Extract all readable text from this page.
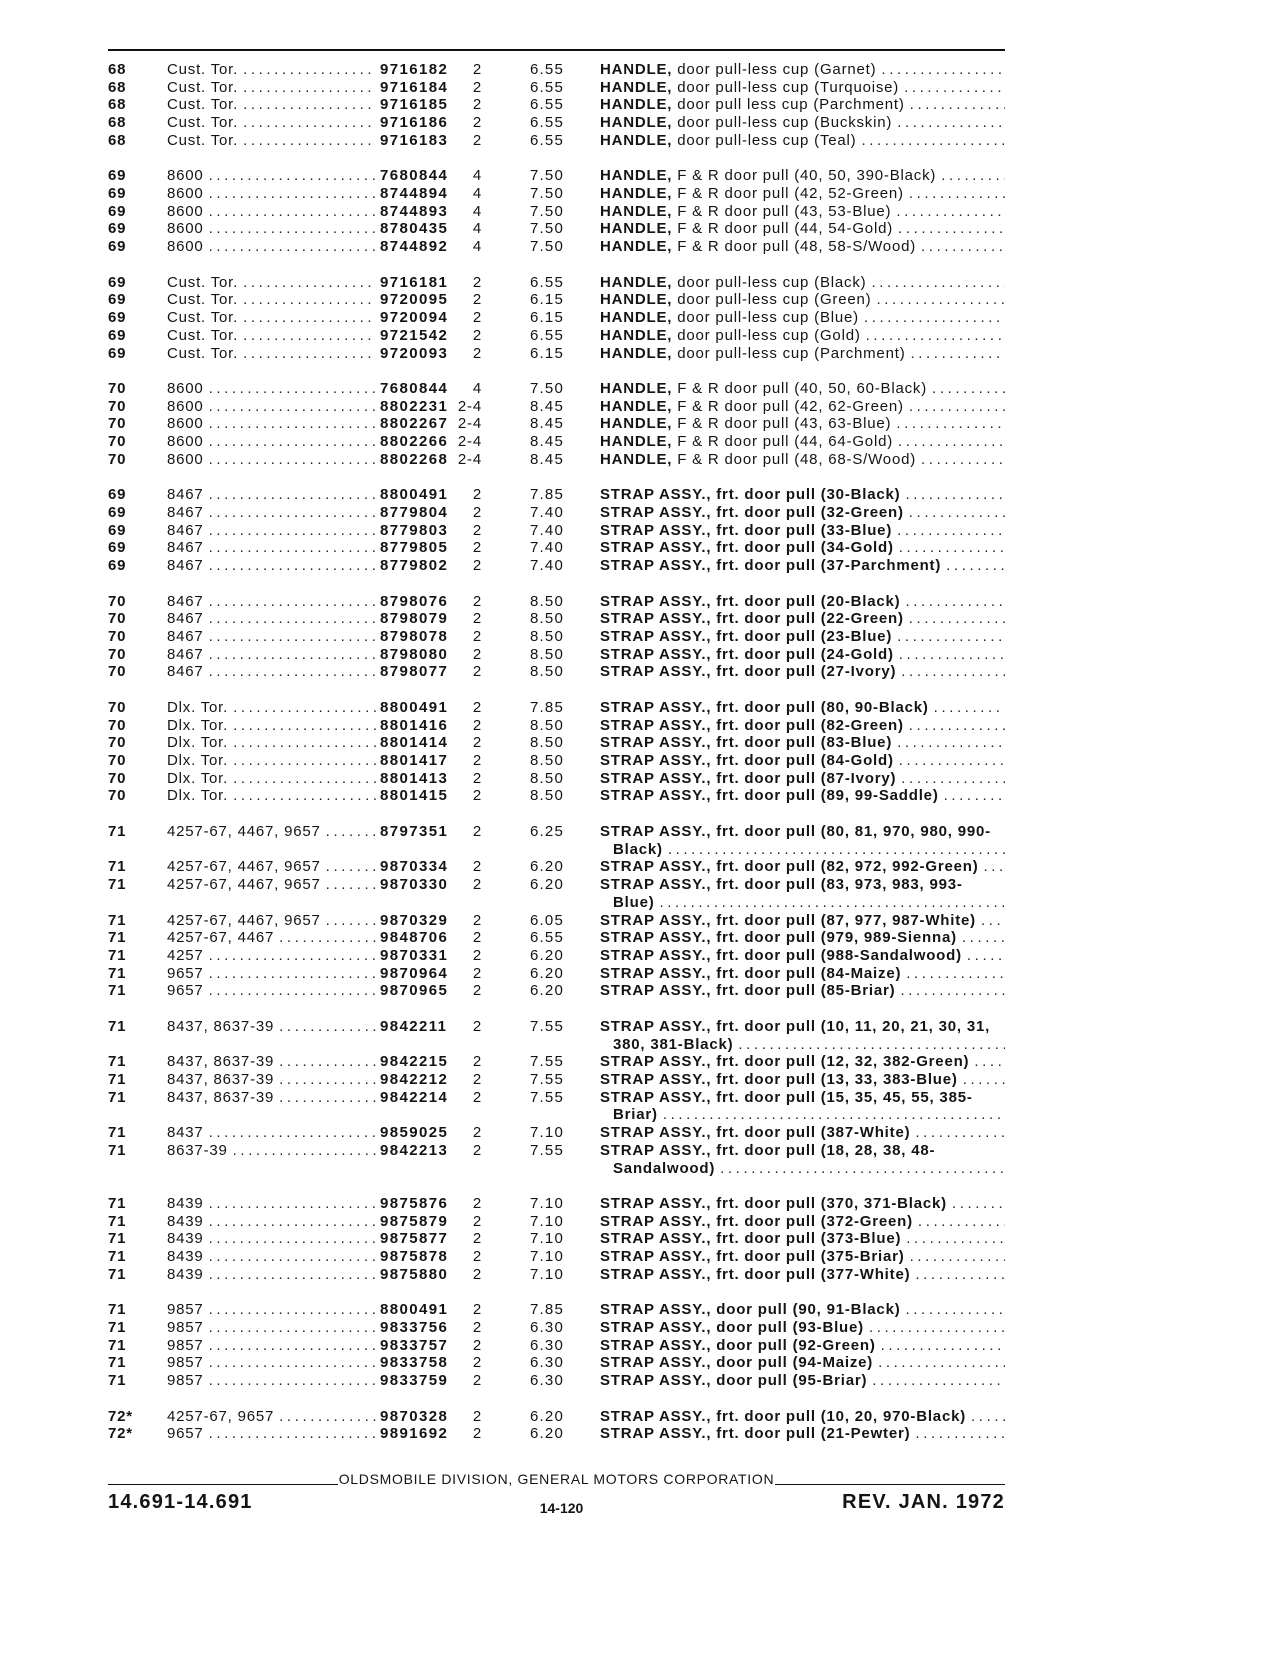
68	Cust. Tor. .....	9716182	2	6.55	HANDLE, door pull-less cup (Garnet)
.....
68	Cust. Tor. .....	9716184	2	6.55	HANDLE, door pull-less cup (Turquoise)
.....
68	Cust. Tor. .....	9716185	2	6.55	HANDLE, door pull less cup (Parchment)
.....
68	Cust. Tor. .....	9716186	2	6.55	HANDLE, door pull-less cup (Buckskin)
.....
68	Cust. Tor. .....	9716183	2	6.55	HANDLE, door pull-less cup (Teal)
.....
69	8600 .....	7680844	4	7.50	HANDLE, F & R door pull (40, 50, 390-Black)
.....
69	8600 .....	8744894	4	7.50	HANDLE, F & R door pull (42, 52-Green)
.....
69	8600 .....	8744893	4	7.50	HANDLE, F & R door pull (43, 53-Blue)
.....
69	8600 .....	8780435	4	7.50	HANDLE, F & R door pull (44, 54-Gold)
.....
69	8600 .....	8744892	4	7.50	HANDLE, F & R door pull (48, 58-S/Wood)
.....
69	Cust. Tor. .....	9716181	2	6.55	HANDLE, door pull-less cup (Black)
.....
69	Cust. Tor. .....	9720095	2	6.15	HANDLE, door pull-less cup (Green)
.....
69	Cust. Tor. .....	9720094	2	6.15	HANDLE, door pull-less cup (Blue)
.....
69	Cust. Tor. .....	9721542	2	6.55	HANDLE, door pull-less cup (Gold)
.....
69	Cust. Tor. .....	9720093	2	6.15	HANDLE, door pull-less cup (Parchment)
.....
70	8600 .....	7680844	4	7.50	HANDLE, F & R door pull (40, 50, 60-Black)
.....
70	8600 .....	8802231 2-4	8.45	HANDLE, F & R door pull (42, 62-Green)
.....
70	8600 .....	8802267 2-4	8.45	HANDLE, F & R door pull (43, 63-Blue)
.....
70	8600 .....	8802266 2-4	8.45	HANDLE, F & R door pull (44, 64-Gold)
.....
70	8600 .....	8802268 2-4	8.45	HANDLE, F & R door pull (48, 68-S/Wood)
.....
69	8467 .....	8800491	2	7.85	STRAP ASSY., frt. door pull (30-Black)
.....
69	8467 .....	8779804	2	7.40	STRAP ASSY., frt. door pull (32-Green)
.....
69	8467 .....	8779803	2	7.40	STRAP ASSY., frt. door pull (33-Blue)
.....
69	8467 .....	8779805	2	7.40	STRAP ASSY., frt. door pull (34-Gold)
.....
69	8467 .....	8779802	2	7.40	STRAP ASSY., frt. door pull (37-Parchment)
.....
70	8467 .....	8798076	2	8.50	STRAP ASSY., frt. door pull (20-Black)
.....
70	8467 .....	8798079	2	8.50	STRAP ASSY., frt. door pull (22-Green)
.....
70	8467 .....	8798078	2	8.50	STRAP ASSY., frt. door pull (23-Blue)
.....
70	8467 .....	8798080	2	8.50	STRAP ASSY., frt. door pull (24-Gold)
.....
70	8467 .....	8798077	2	8.50	STRAP ASSY., frt. door pull (27-Ivory)
.....
70	Dlx. Tor. .....	8800491	2	7.85	STRAP ASSY., frt. door pull (80, 90-Black)
.....
70	Dlx. Tor. .....	8801416	2	8.50	STRAP ASSY., frt. door pull (82-Green)
.....
70	Dlx. Tor. .....	8801414	2	8.50	STRAP ASSY., frt. door pull (83-Blue)
.....
70	Dlx. Tor. .....	8801417	2	8.50	STRAP ASSY., frt. door pull (84-Gold)
.....
70	Dlx. Tor. .....	8801413	2	8.50	STRAP ASSY., frt. door pull (87-Ivory)
.....
70	Dlx. Tor. .....	8801415	2	8.50	STRAP ASSY., frt. door pull (89, 99-Saddle)
.....
71	4257-67, 4467, 9657 .....	8797351	2	6.25	STRAP ASSY., frt. door pull (80, 81, 970, 980, 990-
Black)
.....
71	4257-67, 4467, 9657 .....	9870334	2	6.20	STRAP ASSY., frt. door pull (82, 972, 992-Green)
.....
71	4257-67, 4467, 9657 .....	9870330	2	6.20	STRAP ASSY., frt. door pull (83, 973, 983, 993-
Blue)
.....
71	4257-67, 4467, 9657 .....	9870329	2	6.05	STRAP ASSY., frt. door pull (87, 977, 987-White)
.....
71	4257-67, 4467 .....	9848706	2	6.55	STRAP ASSY., frt. door pull (979, 989-Sienna)
.....
71	4257 .....	9870331	2	6.20	STRAP ASSY., frt. door pull (988-Sandalwood)
.....
71	9657 .....	9870964	2	6.20	STRAP ASSY., frt. door pull (84-Maize)
.....
71	9657 .....	9870965	2	6.20	STRAP ASSY., frt. door pull (85-Briar)
.....
71	8437, 8637-39 .....	9842211	2	7.55	STRAP ASSY., frt. door pull (10, 11, 20, 21, 30, 31,
380, 381-Black)
.....
71	8437, 8637-39 .....	9842215	2	7.55	STRAP ASSY., frt. door pull (12, 32, 382-Green)
.....
71	8437, 8637-39 .....	9842212	2	7.55	STRAP ASSY., frt. door pull (13, 33, 383-Blue)
.....
71	8437, 8637-39 .....	9842214	2	7.55	STRAP ASSY., frt. door pull (15, 35, 45, 55, 385-
Briar)
.....
71	8437 .....	9859025	2	7.10	STRAP ASSY., frt. door pull (387-White)
.....
71	8637-39 .....	9842213	2	7.55	STRAP ASSY., frt. door pull (18, 28, 38, 48-
Sandalwood)
.....
71	8439 .....	9875876	2	7.10	STRAP ASSY., frt. door pull (370, 371-Black)
.....
71	8439 .....	9875879	2	7.10	STRAP ASSY., frt. door pull (372-Green)
.....
71	8439 .....	9875877	2	7.10	STRAP ASSY., frt. door pull (373-Blue)
.....
71	8439 .....	9875878	2	7.10	STRAP ASSY., frt. door pull (375-Briar)
.....
71	8439 .....	9875880	2	7.10	STRAP ASSY., frt. door pull (377-White)
.....
71	9857 .....	8800491	2	7.85	STRAP ASSY., door pull (90, 91-Black)
.....
71	9857 .....	9833756	2	6.30	STRAP ASSY., door pull (93-Blue)
.....
71	9857 .....	9833757	2	6.30	STRAP ASSY., door pull (92-Green)
.....
71	9857 .....	9833758	2	6.30	STRAP ASSY., door pull (94-Maize)
.....
71	9857 .....	9833759	2	6.30	STRAP ASSY., door pull (95-Briar)
.....
72*	4257-67, 9657 .....	9870328	2	6.20	STRAP ASSY., frt. door pull (10, 20, 970-Black)
.....
72*	9657 .....	9891692	2	6.20	STRAP ASSY., frt. door pull (21-Pewter)
.....
OLDSMOBILE DIVISION, GENERAL MOTORS CORPORATION
14.691-14.691	14-120	REV. JAN. 1972
